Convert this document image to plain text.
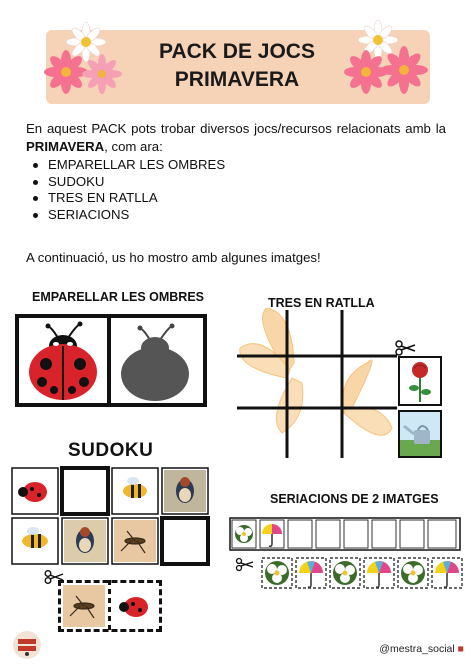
PACK DE JOCS
PRIMAVERA
En aquest PACK pots trobar diversos jocs/recursos relacionats amb la PRIMAVERA, com ara:
EMPARELLAR LES OMBRES
SUDOKU
TRES EN RATLLA
SERIACIONS
A continuació, us ho mostro amb algunes imatges!
EMPARELLAR LES OMBRES	TRES EN RATLLA
SUDOKU
SERIACIONS DE 2 IMATGES
@mestra_social ■
